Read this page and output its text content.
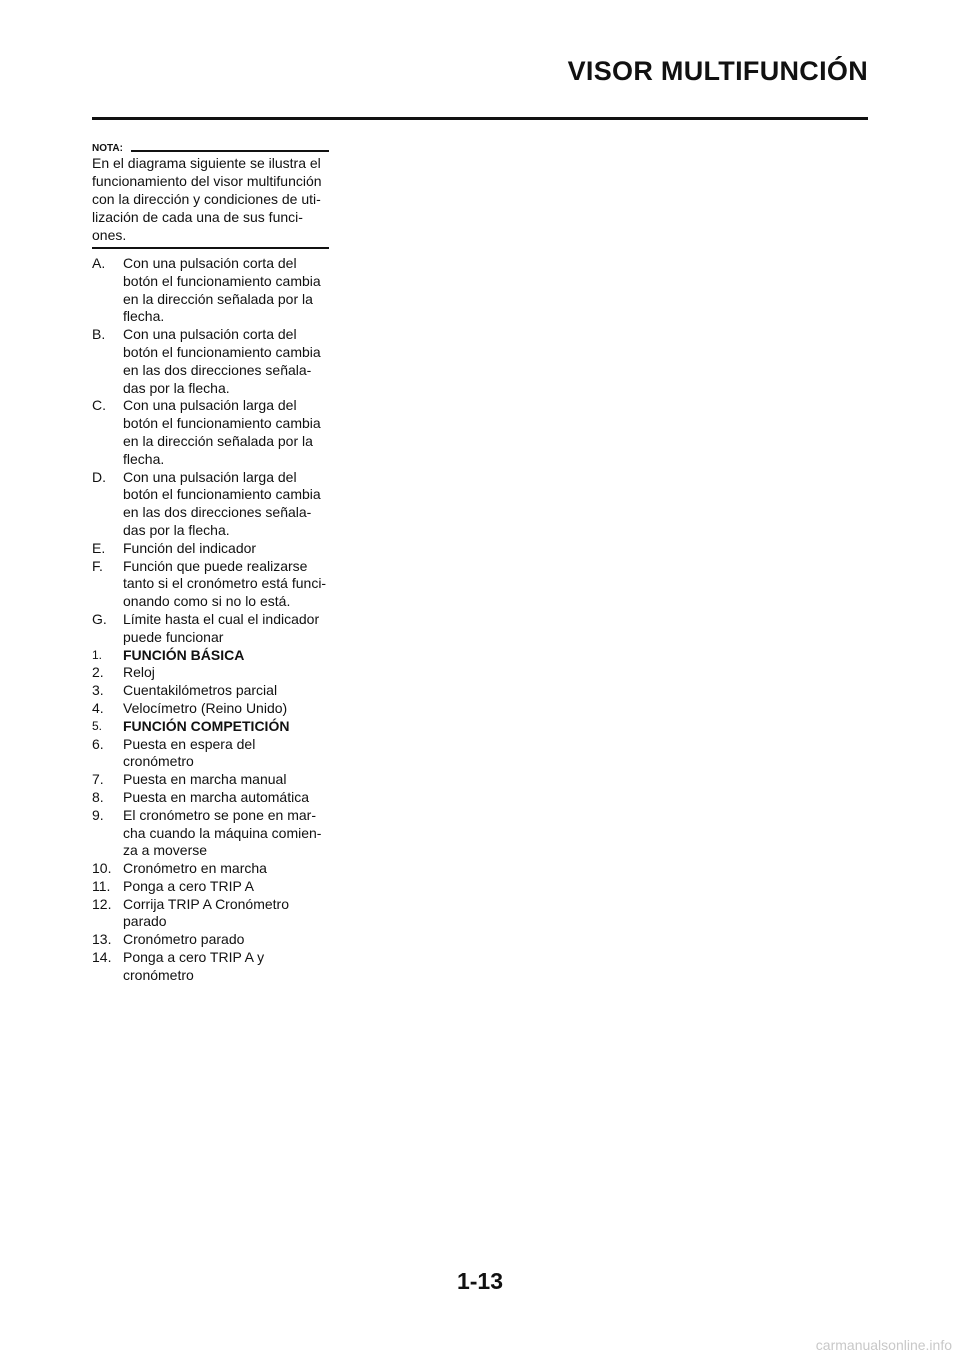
VISOR MULTIFUNCIÓN
NOTA:
En el diagrama siguiente se ilustra el
funcionamiento del visor multifunción
con la dirección y condiciones de uti-
lización de cada una de sus funci-
ones.
A. Con una pulsación corta del
botón el funcionamiento cambia
en la dirección señalada por la
flecha.
B. Con una pulsación corta del
botón el funcionamiento cambia
en las dos direcciones señala-
das por la flecha.
C. Con una pulsación larga del
botón el funcionamiento cambia
en la dirección señalada por la
flecha.
D. Con una pulsación larga del
botón el funcionamiento cambia
en las dos direcciones señala-
das por la flecha.
E. Función del indicador
F. Función que puede realizarse
tanto si el cronómetro está funci-
onando como si no lo está.
G. Límite hasta el cual el indicador
puede funcionar
1. FUNCIÓN BÁSICA
2. Reloj
3. Cuentakilómetros parcial
4. Velocímetro (Reino Unido)
5. FUNCIÓN COMPETICIÓN
6. Puesta en espera del
cronómetro
7. Puesta en marcha manual
8. Puesta en marcha automática
9. El cronómetro se pone en mar-
cha cuando la máquina comien-
za a moverse
10. Cronómetro en marcha
11. Ponga a cero TRIP A
12. Corrija TRIP A Cronómetro
parado
13. Cronómetro parado
14. Ponga a cero TRIP A y
cronómetro
1-13
carmanualsonline.info
